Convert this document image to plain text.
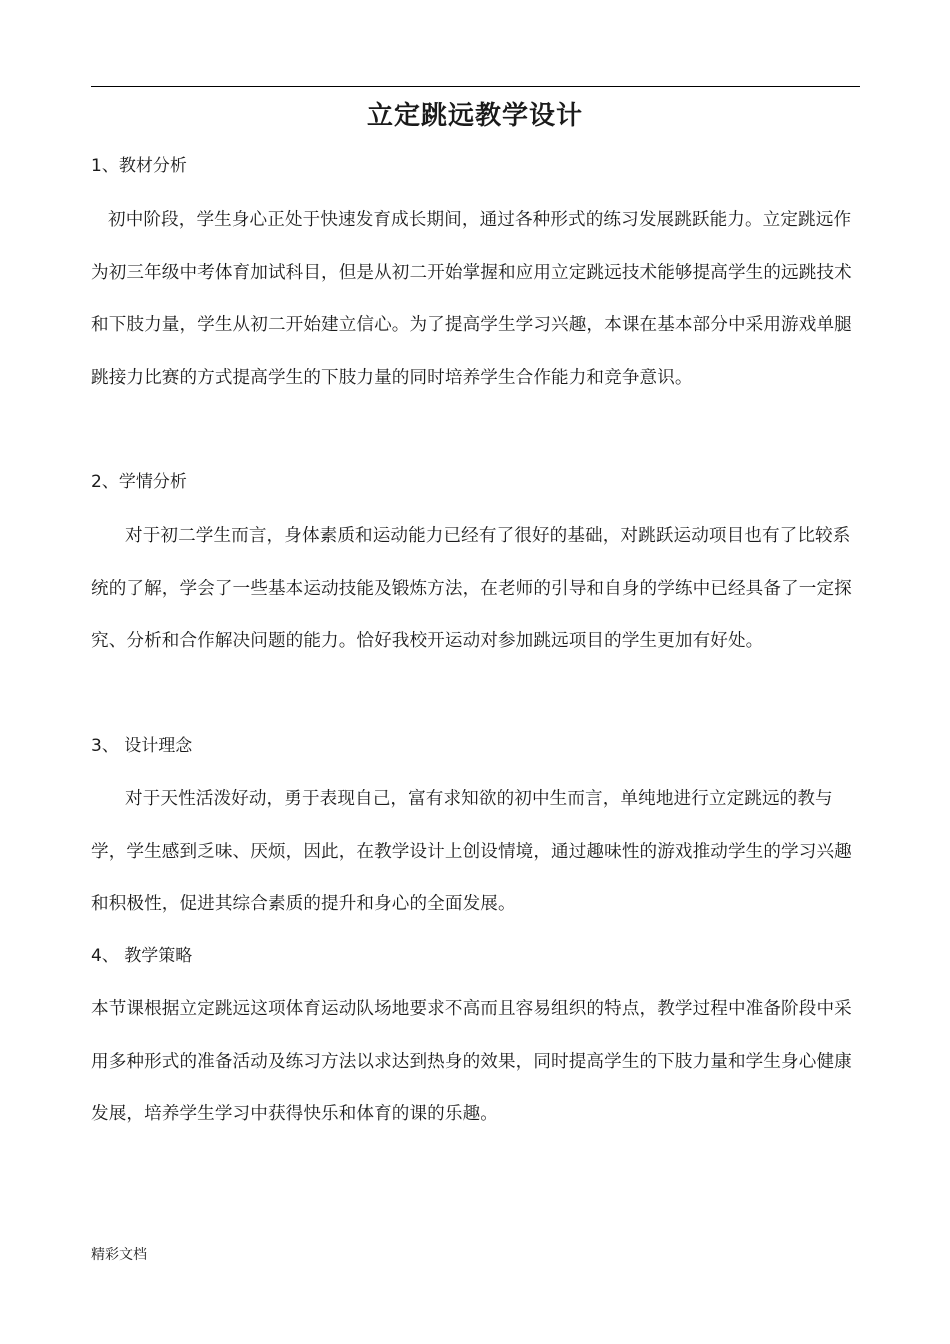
立定跳远教学设计
1、教材分析

初中阶段，学生身心正处于快速发育成长期间，通过各种形式的练习发展跳跃能力。立定跳远作为初三年级中考体育加试科目，但是从初二开始掌握和应用立定跳远技术能够提高学生的远跳技术和下肢力量，学生从初二开始建立信心。为了提高学生学习兴趣，本课在基本部分中采用游戏单腿跳接力比赛的方式提高学生的下肢力量的同时培养学生合作能力和竞争意识。

2、学情分析

对于初二学生而言，身体素质和运动能力已经有了很好的基础，对跳跃运动项目也有了比较系统的了解，学会了一些基本运动技能及锻炼方法，在老师的引导和自身的学练中已经具备了一定探究、分析和合作解决问题的能力。恰好我校开运动对参加跳远项目的学生更加有好处。

3、 设计理念

对于天性活泼好动，勇于表现自己，富有求知欲的初中生而言，单纯地进行立定跳远的教与学，学生感到乏味、厌烦，因此，在教学设计上创设情境，通过趣味性的游戏推动学生的学习兴趣和积极性，促进其综合素质的提升和身心的全面发展。

4、 教学策略

本节课根据立定跳远这项体育运动队场地要求不高而且容易组织的特点，教学过程中准备阶段中采用多种形式的准备活动及练习方法以求达到热身的效果，同时提高学生的下肢力量和学生身心健康发展，培养学生学习中获得快乐和体育的课的乐趣。

精彩文档
